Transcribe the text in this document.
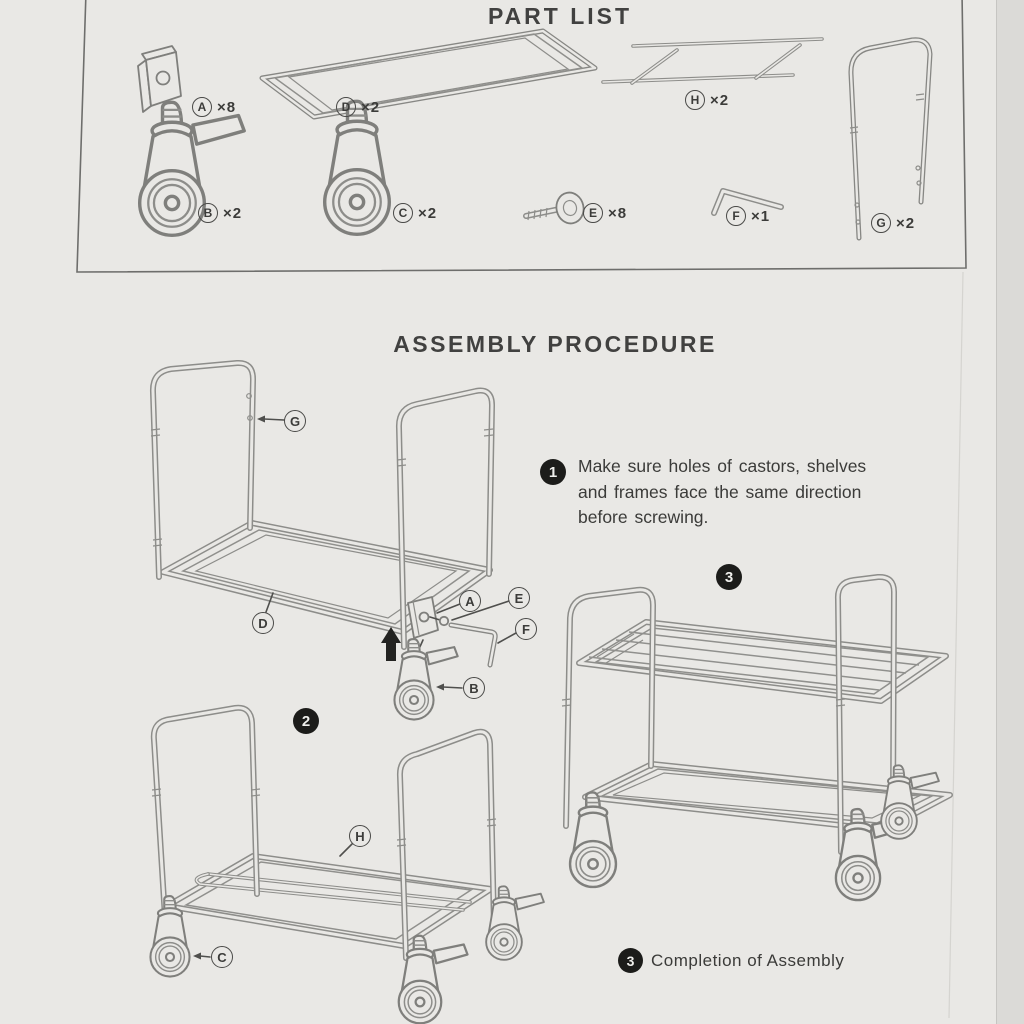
PART LIST
ASSEMBLY PROCEDURE
A ×8	D ×2	H ×2
G ×2
B ×2	C ×2	E ×8	F ×1
G
D
A	E
F
B
H
C
1
2
3
Make sure holes of castors, shelves
and frames face the same direction
before screwing.
3 Completion of Assembly
